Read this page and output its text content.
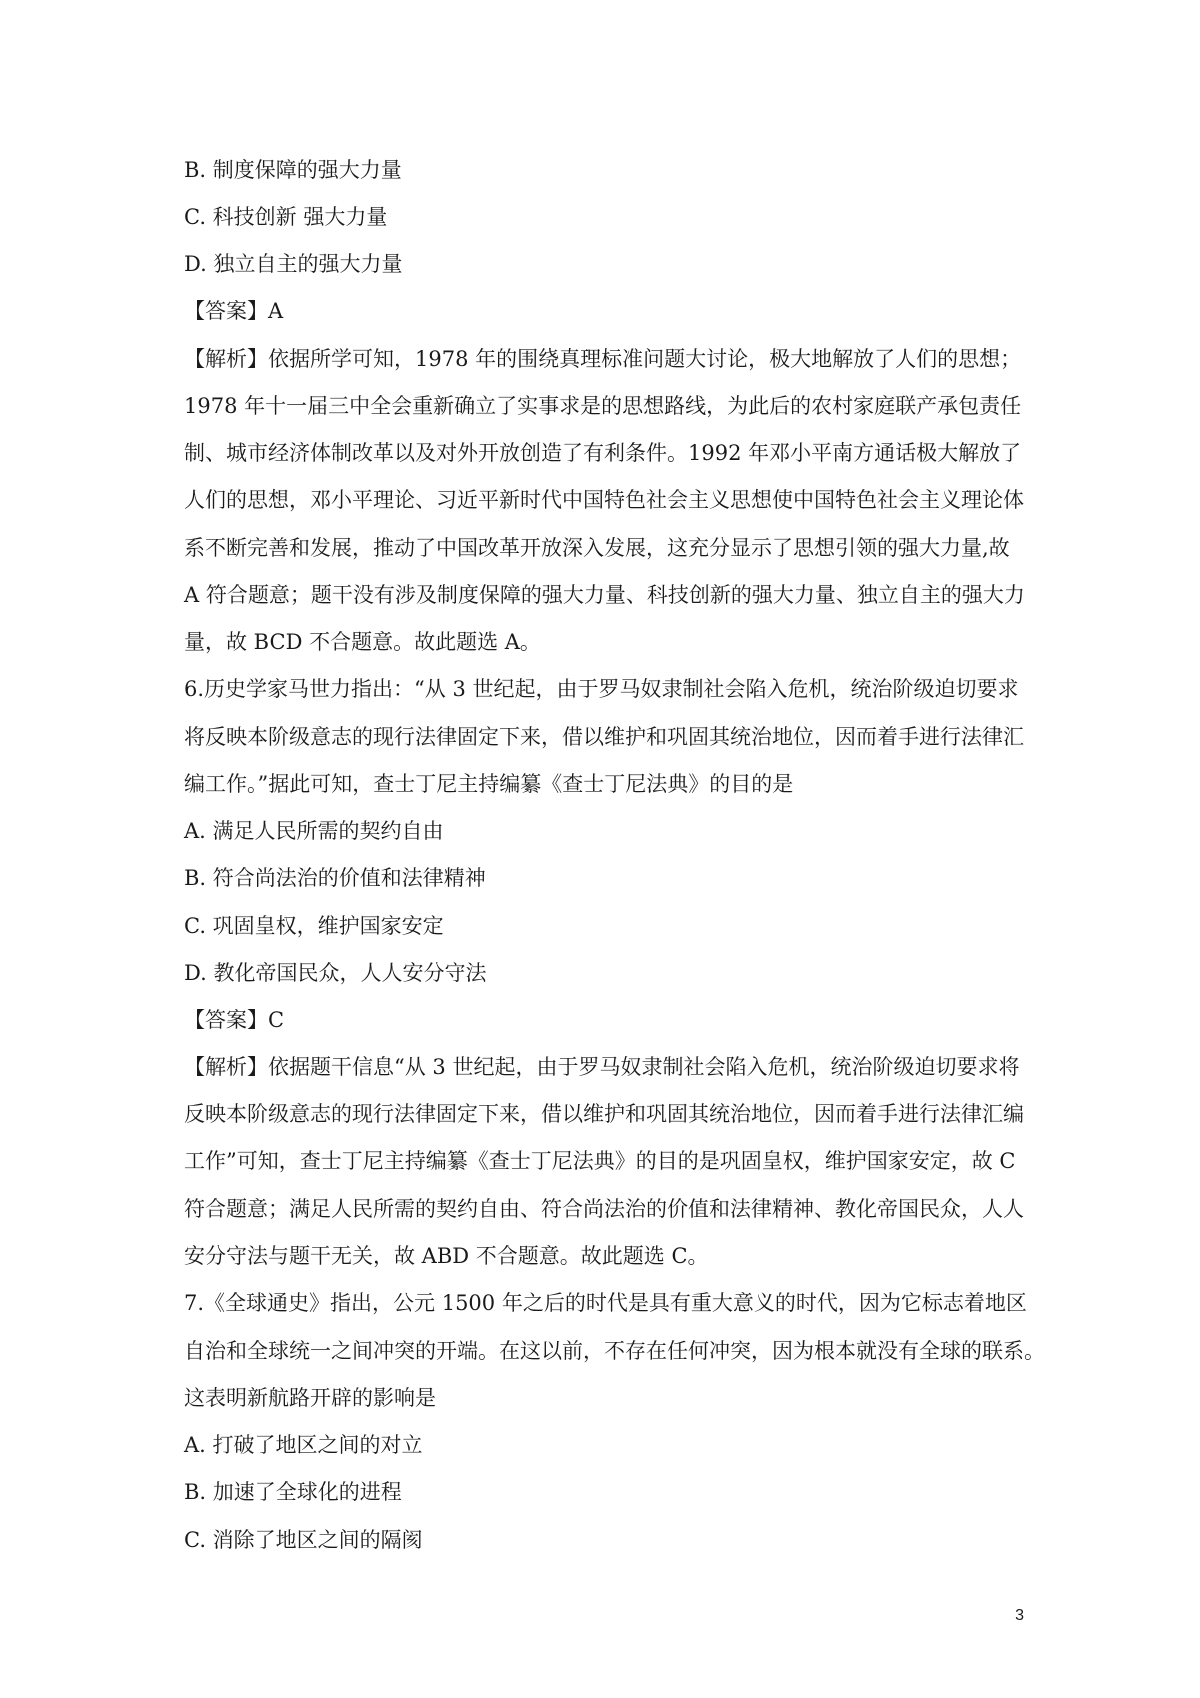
B. 制度保障的强大力量
C. 科技创新 强大力量
D. 独立自主的强大力量
【答案】A
【解析】依据所学可知，1978 年的围绕真理标准问题大讨论，极大地解放了人们的思想；
1978 年十一届三中全会重新确立了实事求是的思想路线，为此后的农村家庭联产承包责任
制、城市经济体制改革以及对外开放创造了有利条件。1992 年邓小平南方通话极大解放了
人们的思想，邓小平理论、习近平新时代中国特色社会主义思想使中国特色社会主义理论体
系不断完善和发展，推动了中国改革开放深入发展，这充分显示了思想引领的强大力量,故
A 符合题意；题干没有涉及制度保障的强大力量、科技创新的强大力量、独立自主的强大力
量，故 BCD 不合题意。故此题选 A。
6.历史学家马世力指出：“从 3 世纪起，由于罗马奴隶制社会陷入危机，统治阶级迫切要求
将反映本阶级意志的现行法律固定下来，借以维护和巩固其统治地位，因而着手进行法律汇
编工作。”据此可知，查士丁尼主持编纂《查士丁尼法典》的目的是
A. 满足人民所需的契约自由
B. 符合尚法治的价值和法律精神
C. 巩固皇权，维护国家安定
D. 教化帝国民众，人人安分守法
【答案】C
【解析】依据题干信息“从 3 世纪起，由于罗马奴隶制社会陷入危机，统治阶级迫切要求将
反映本阶级意志的现行法律固定下来，借以维护和巩固其统治地位，因而着手进行法律汇编
工作”可知，查士丁尼主持编纂《查士丁尼法典》的目的是巩固皇权，维护国家安定，故 C
符合题意；满足人民所需的契约自由、符合尚法治的价值和法律精神、教化帝国民众，人人
安分守法与题干无关，故 ABD 不合题意。故此题选 C。
7.《全球通史》指出，公元 1500 年之后的时代是具有重大意义的时代，因为它标志着地区
自治和全球统一之间冲突的开端。在这以前，不存在任何冲突，因为根本就没有全球的联系。
这表明新航路开辟的影响是
A. 打破了地区之间的对立
B. 加速了全球化的进程
C. 消除了地区之间的隔阂
3
